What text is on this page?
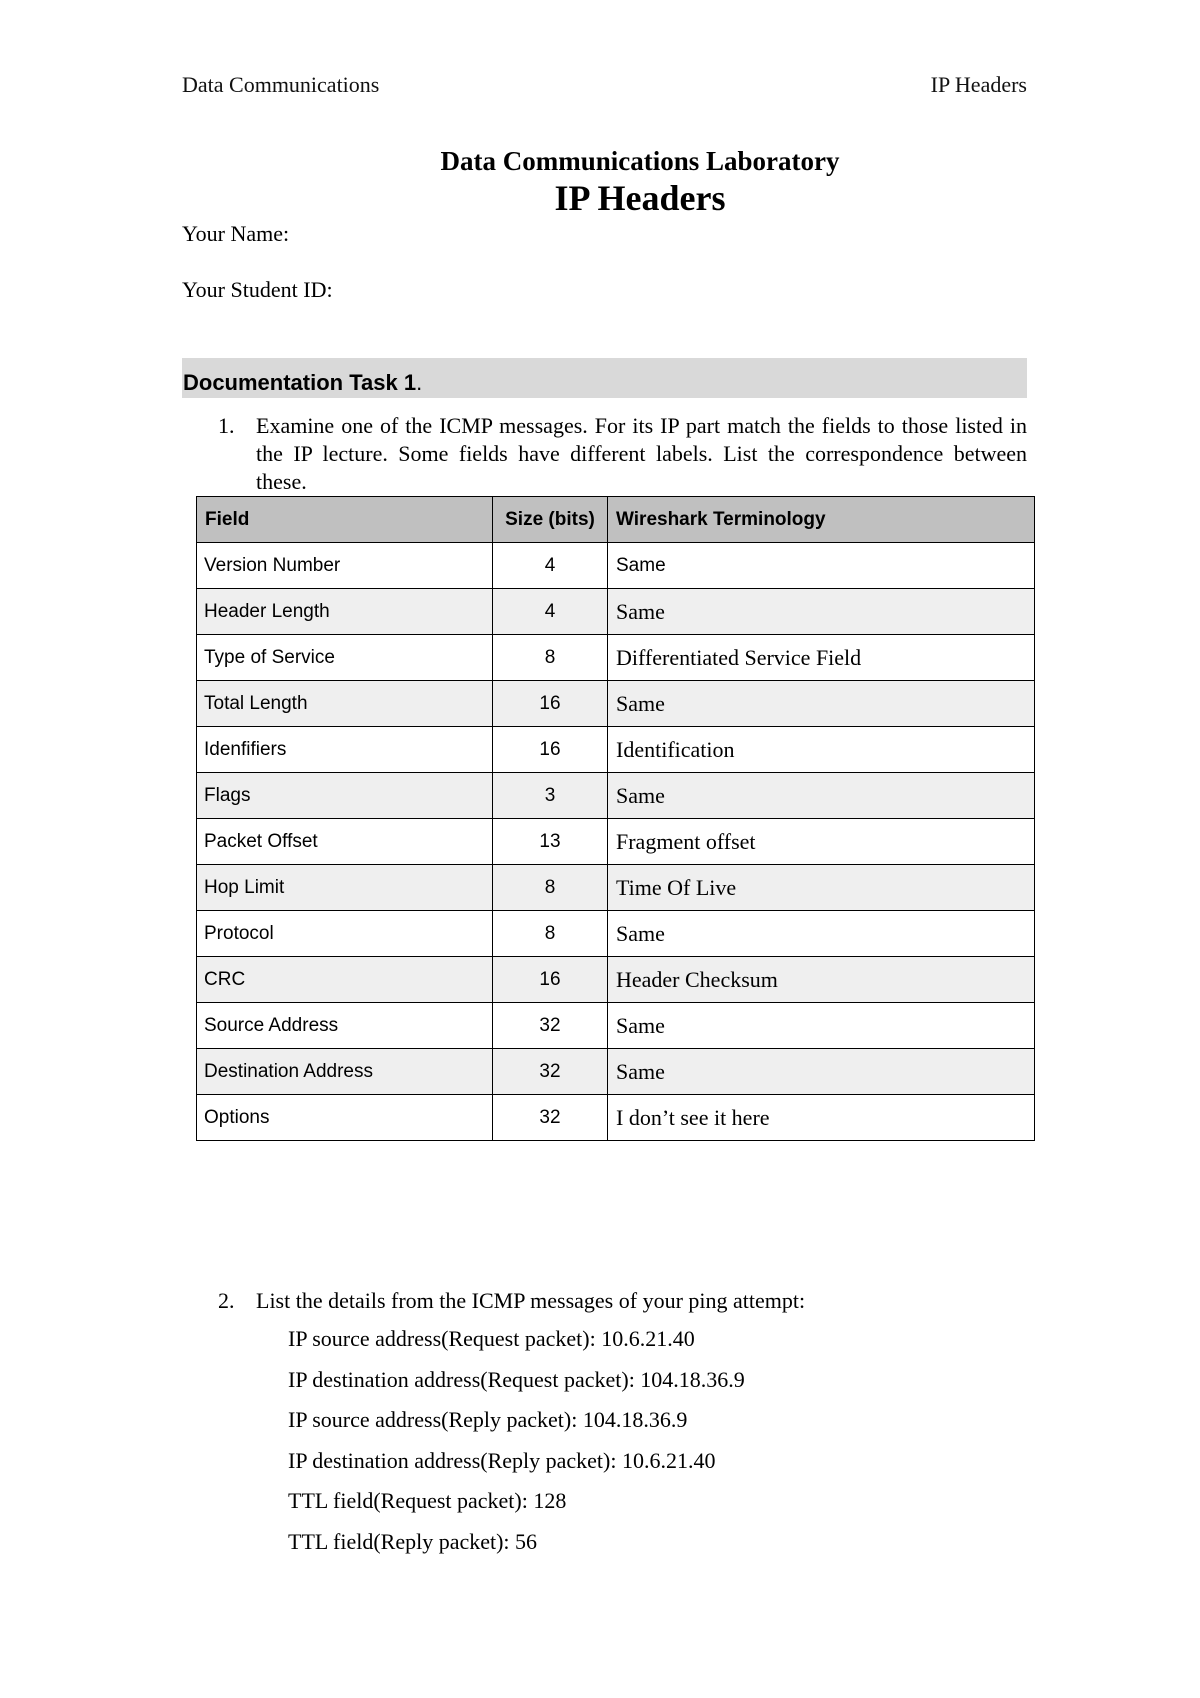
Data Communications	IP Headers
Data Communications Laboratory
IP Headers
Your Name:
Your Student ID:
Documentation Task 1.
1. Examine one of the ICMP messages. For its IP part match the fields to those listed in the IP lecture. Some fields have different labels. List the correspondence between these.
Field	Size (bits)	Wireshark Terminology
Version Number	4	Same
Header Length	4	Same
Type of Service	8	Differentiated Service Field
Total Length	16	Same
Idenfifiers	16	Identification
Flags	3	Same
Packet Offset	13	Fragment offset
Hop Limit	8	Time Of Live
Protocol	8	Same
CRC	16	Header Checksum
Source Address	32	Same
Destination Address	32	Same
Options	32	I don’t see it here
2. List the details from the ICMP messages of your ping attempt:
IP source address(Request packet): 10.6.21.40
IP destination address(Request packet): 104.18.36.9
IP source address(Reply packet): 104.18.36.9
IP destination address(Reply packet): 10.6.21.40
TTL field(Request packet): 128
TTL field(Reply packet): 56
